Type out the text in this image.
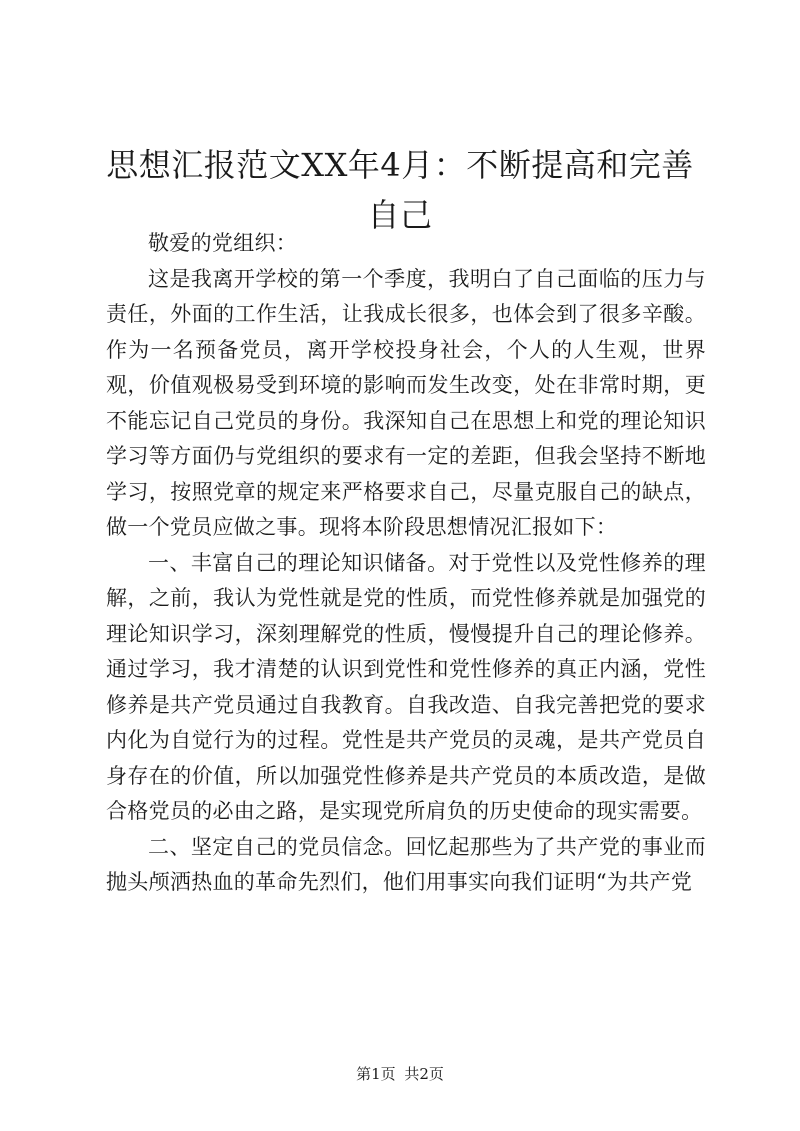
思想汇报范文XX年4月：不断提高和完善自己

敬爱的党组织：

这是我离开学校的第一个季度，我明白了自己面临的压力与责任，外面的工作生活，让我成长很多，也体会到了很多辛酸。作为一名预备党员，离开学校投身社会，个人的人生观，世界观，价值观极易受到环境的影响而发生改变，处在非常时期，更不能忘记自己党员的身份。我深知自己在思想上和党的理论知识学习等方面仍与党组织的要求有一定的差距，但我会坚持不断地学习，按照党章的规定来严格要求自己，尽量克服自己的缺点，做一个党员应做之事。现将本阶段思想情况汇报如下：

一、丰富自己的理论知识储备。对于党性以及党性修养的理解，之前，我认为党性就是党的性质，而党性修养就是加强党的理论知识学习，深刻理解党的性质，慢慢提升自己的理论修养。通过学习，我才清楚的认识到党性和党性修养的真正内涵，党性修养是共产党员通过自我教育。自我改造、自我完善把党的要求内化为自觉行为的过程。党性是共产党员的灵魂，是共产党员自身存在的价值，所以加强党性修养是共产党员的本质改造，是做合格党员的必由之路，是实现党所肩负的历史使命的现实需要。

二、坚定自己的党员信念。回忆起那些为了共产党的事业而抛头颅洒热血的革命先烈们，他们用事实向我们证明“为共产党

第1页 共2页
